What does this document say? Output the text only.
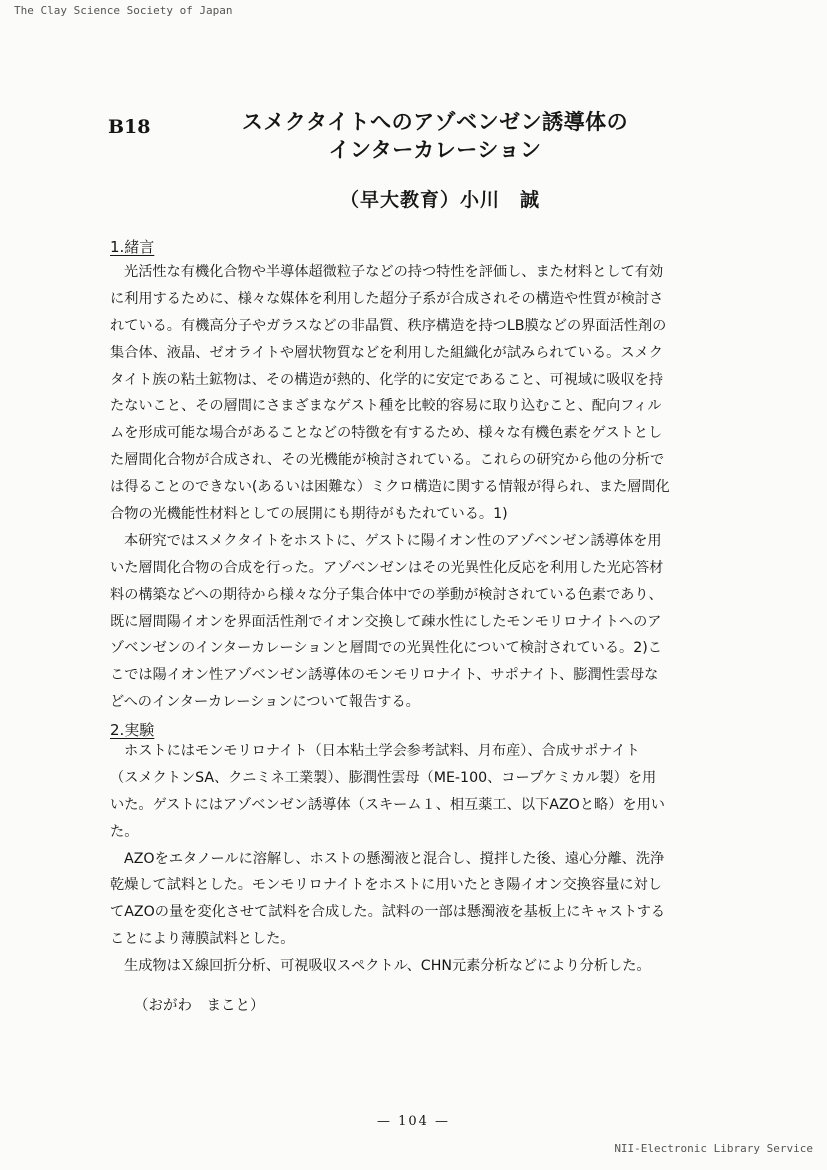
The Clay Science Society of Japan
B18	スメクタイトへのアゾベンゼン誘導体の
インターカレーション
（早大教育）小川　誠
1.緒言
光活性な有機化合物や半導体超微粒子などの持つ特性を評価し、また材料として有効
に利用するために、様々な媒体を利用した超分子系が合成されその構造や性質が検討さ
れている。有機高分子やガラスなどの非晶質、秩序構造を持つLB膜などの界面活性剤の
集合体、液晶、ゼオライトや層状物質などを利用した組織化が試みられている。スメク
タイト族の粘土鉱物は、その構造が熱的、化学的に安定であること、可視域に吸収を持
たないこと、その層間にさまざまなゲスト種を比較的容易に取り込むこと、配向フィル
ムを形成可能な場合があることなどの特徴を有するため、様々な有機色素をゲストとし
た層間化合物が合成され、その光機能が検討されている。これらの研究から他の分析で
は得ることのできない(あるいは困難な）ミクロ構造に関する情報が得られ、また層間化
合物の光機能性材料としての展開にも期待がもたれている。1)
本研究ではスメクタイトをホストに、ゲストに陽イオン性のアゾベンゼン誘導体を用
いた層間化合物の合成を行った。アゾベンゼンはその光異性化反応を利用した光応答材
料の構築などへの期待から様々な分子集合体中での挙動が検討されている色素であり、
既に層間陽イオンを界面活性剤でイオン交換して疎水性にしたモンモリロナイトへのア
ゾベンゼンのインターカレーションと層間での光異性化について検討されている。2)こ
こでは陽イオン性アゾベンゼン誘導体のモンモリロナイト、サポナイト、膨潤性雲母な
どへのインターカレーションについて報告する。
2.実験
ホストにはモンモリロナイト（日本粘土学会参考試料、月布産）、合成サポナイト
（スメクトンSA、クニミネ工業製）、膨潤性雲母（ME-100、コープケミカル製）を用
いた。ゲストにはアゾベンゼン誘導体（スキーム１、相互薬工、以下AZOと略）を用い
た。
AZOをエタノールに溶解し、ホストの懸濁液と混合し、撹拌した後、遠心分離、洗浄
乾燥して試料とした。モンモリロナイトをホストに用いたとき陽イオン交換容量に対し
てAZOの量を変化させて試料を合成した。試料の一部は懸濁液を基板上にキャストする
ことにより薄膜試料とした。
生成物はＸ線回折分析、可視吸収スペクトル、CHN元素分析などにより分析した。
（おがわ　まこと）
— 104 —
NII-Electronic Library Service
